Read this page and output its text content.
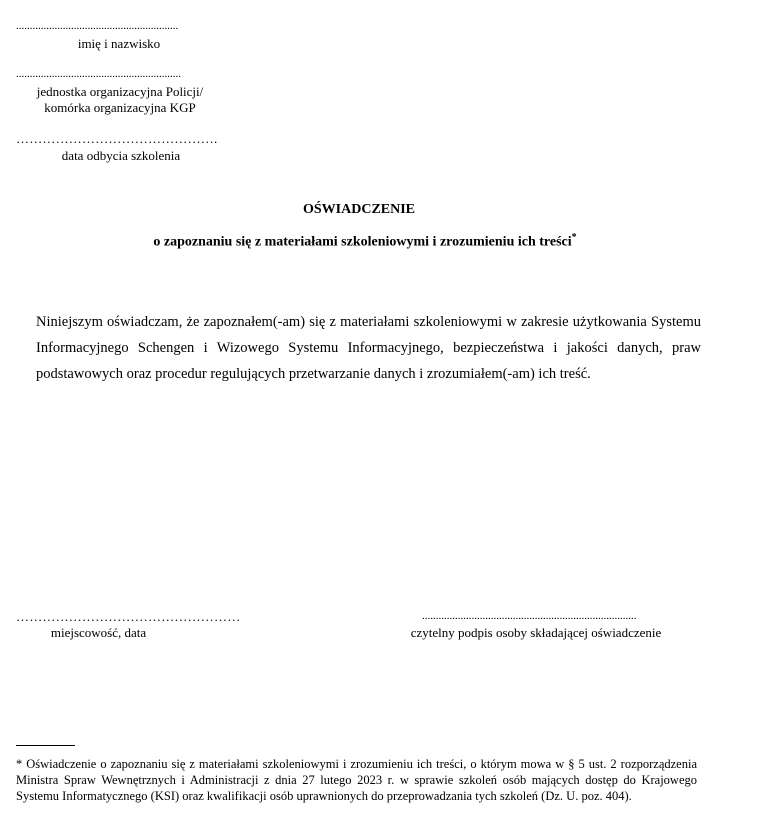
...........................................................
imię i nazwisko
............................................................
jednostka organizacyjna Policji/
komórka organizacyjna KGP
……………………………………….
data odbycia szkolenia
OŚWIADCZENIE
o zapoznaniu się z materiałami szkoleniowymi i zrozumieniu ich treści*
Niniejszym oświadczam, że zapoznałem(-am) się z materiałami szkoleniowymi w zakresie użytkowania Systemu Informacyjnego Schengen i Wizowego Systemu Informacyjnego, bezpieczeństwa i jakości danych, praw podstawowych oraz procedur regulujących przetwarzanie danych i zrozumiałem(-am) ich treść.
……………………………………………
miejscowość, data
..............................................................................
czytelny podpis osoby składającej oświadczenie
* Oświadczenie o zapoznaniu się z materiałami szkoleniowymi i zrozumieniu ich treści, o którym mowa w § 5 ust. 2 rozporządzenia Ministra Spraw Wewnętrznych i Administracji z dnia 27 lutego 2023 r. w sprawie szkoleń osób mających dostęp do Krajowego Systemu Informatycznego (KSI) oraz kwalifikacji osób uprawnionych do przeprowadzania tych szkoleń (Dz. U. poz. 404).
